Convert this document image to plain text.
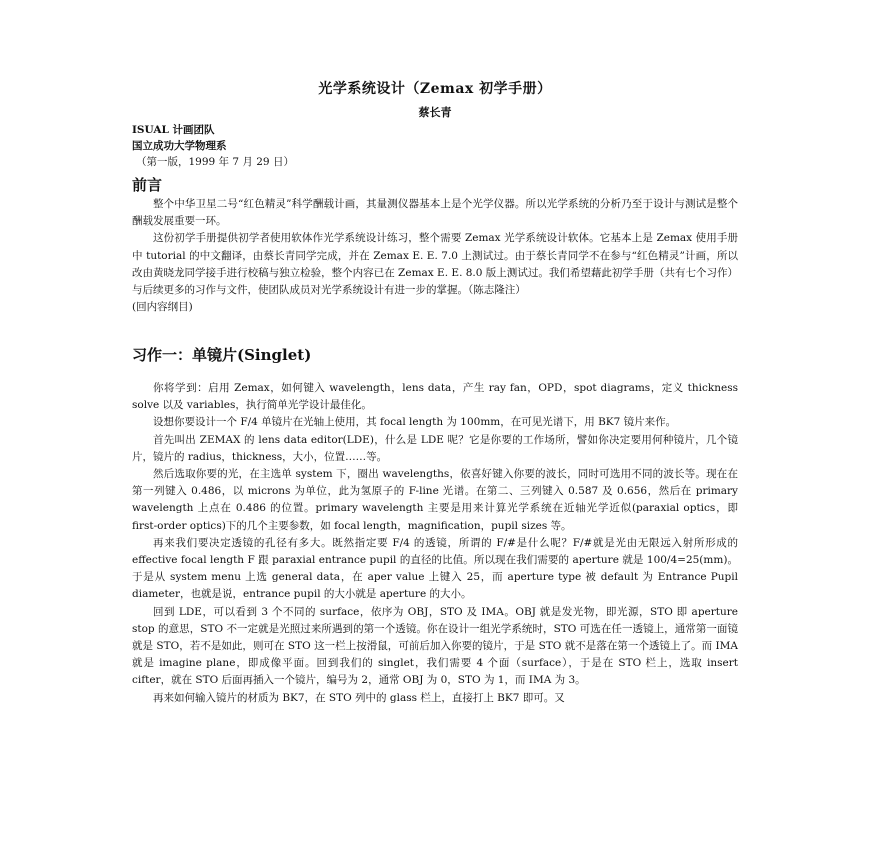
光学系统设计（Zemax 初学手册）
蔡长青
ISUAL 计画团队
国立成功大学物理系
（第一版，1999 年 7 月 29 日）
前言

整个中华卫星二号“红色精灵”科学酬载计画，其量测仪器基本上是个光学仪器。所以光学系统的分析乃至于设计与测试是整个酬载发展重要一环。

这份初学手册提供初学者使用软体作光学系统设计练习，整个需要 Zemax 光学系统设计软体。它基本上是 Zemax 使用手册中 tutorial 的中文翻译，由蔡长青同学完成，并在 Zemax E. E. 7.0 上测试过。由于蔡长青同学不在参与“红色精灵”计画，所以改由黄晓龙同学接手进行校稿与独立检验，整个内容已在 Zemax E. E. 8.0 版上测试过。我们希望藉此初学手册（共有七个习作）与后续更多的习作与文件，使团队成员对光学系统设计有进一步的掌握。（陈志隆注）

(回内容纲目)

习作一：单镜片(Singlet)

你将学到：启用 Zemax，如何键入 wavelength，lens data，产生 ray fan，OPD，spot diagrams，定义 thickness solve 以及 variables，执行简单光学设计最佳化。

设想你要设计一个 F/4 单镜片在光轴上使用，其 focal length 为 100mm，在可见光谱下，用 BK7 镜片来作。

首先叫出 ZEMAX 的 lens data editor(LDE)，什么是 LDE 呢？它是你要的工作场所，譬如你决定要用何种镜片，几个镜片，镜片的 radius，thickness，大小，位置……等。

然后选取你要的光，在主选单 system 下，圈出 wavelengths，依喜好键入你要的波长，同时可选用不同的波长等。现在在第一列键入 0.486，以 microns 为单位，此为氢原子的 F-line 光谱。在第二、三列键入 0.587 及 0.656，然后在 primary wavelength 上点在 0.486 的位置。primary wavelength 主要是用来计算光学系统在近轴光学近似(paraxial optics，即 first-order optics)下的几个主要参数，如 focal length，magnification，pupil sizes 等。

再来我们要决定透镜的孔径有多大。既然指定要 F/4 的透镜，所谓的 F/#是什么呢？F/#就是光由无限远入射所形成的 effective focal length F 跟 paraxial entrance pupil 的直径的比值。所以现在我们需要的 aperture 就是 100/4=25(mm)。于是从 system menu 上选 general data，在 aper value 上键入 25，而 aperture type 被 default 为 Entrance Pupil diameter，也就是说，entrance pupil 的大小就是 aperture 的大小。

回到 LDE，可以看到 3 个不同的 surface，依序为 OBJ，STO 及 IMA。OBJ 就是发光物，即光源，STO 即 aperture stop 的意思，STO 不一定就是光照过来所遇到的第一个透镜。你在设计一组光学系统时，STO 可选在任一透镜上，通常第一面镜就是 STO，若不是如此，则可在 STO 这一栏上按滑鼠，可前后加入你要的镜片，于是 STO 就不是落在第一个透镜上了。而 IMA 就是 imagine plane，即成像平面。回到我们的 singlet，我们需要 4 个面（surface），于是在 STO 栏上，选取 insert cifter，就在 STO 后面再插入一个镜片，编号为 2，通常 OBJ 为 0，STO 为 1，而 IMA 为 3。

再来如何输入镜片的材质为 BK7，在 STO 列中的 glass 栏上，直接打上 BK7 即可。又
